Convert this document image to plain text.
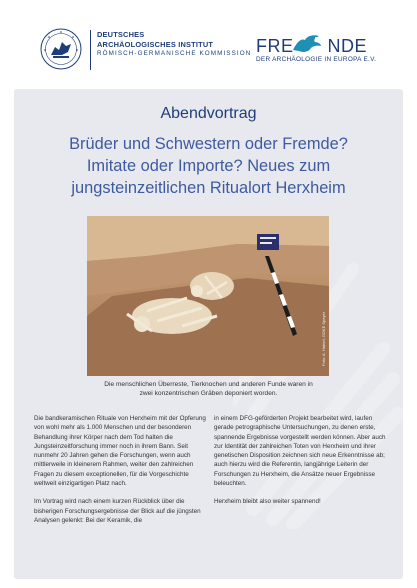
DEUTSCHES
ARCHÄOLOGISCHES INSTITUT
RÖMISCH-GERMANISCHE KOMMISSION FRE NDE
DER ARCHÄOLOGIE IN EUROPA E.V.
Abendvortrag
Brüder und Schwestern oder Fremde?
Imitate oder Importe? Neues zum
jungsteinzeitlichen Ritualort Herxheim
Foto: A. Haberl, GDKE Speyer
Die menschlichen Überreste, Tierknochen und anderen Funde waren in
zwei konzentrischen Gräben deponiert worden.

Die bandkeramischen Rituale von Herxheim mit der Opferung von wohl mehr als 1.000 Menschen und der besonderen Behandlung ihrer Körper nach dem Tod halten die Jungsteinzeitforschung immer noch in ihrem Bann. Seit nunmehr 20 Jahren gehen die Forschungen, wenn auch mittlerweile in kleinerem Rahmen, weiter den zahlreichen Fragen zu diesem exceptionellen, für die Vorgeschichte weltweit einzigartigen Platz nach.

Im Vortrag wird nach einem kurzen Rückblick über die bisherigen Forschungsergebnisse der Blick auf die jüngsten Analysen gelenkt: Bei der Keramik, die

in einem DFG-geförderten Projekt bearbeitet wird, laufen gerade petrographische Untersuchungen, zu denen erste, spannende Ergebnisse vorgestellt werden können. Aber auch zur Identität der zahlreichen Toten von Herxheim und ihrer genetischen Disposition zeichnen sich neue Erkenntnisse ab; auch hierzu wird die Referentin, langjährige Leiterin der Forschungen zu Herxheim, die Ansätze neuer Ergebnisse beleuchten.

Herxheim bleibt also weiter spannend!
